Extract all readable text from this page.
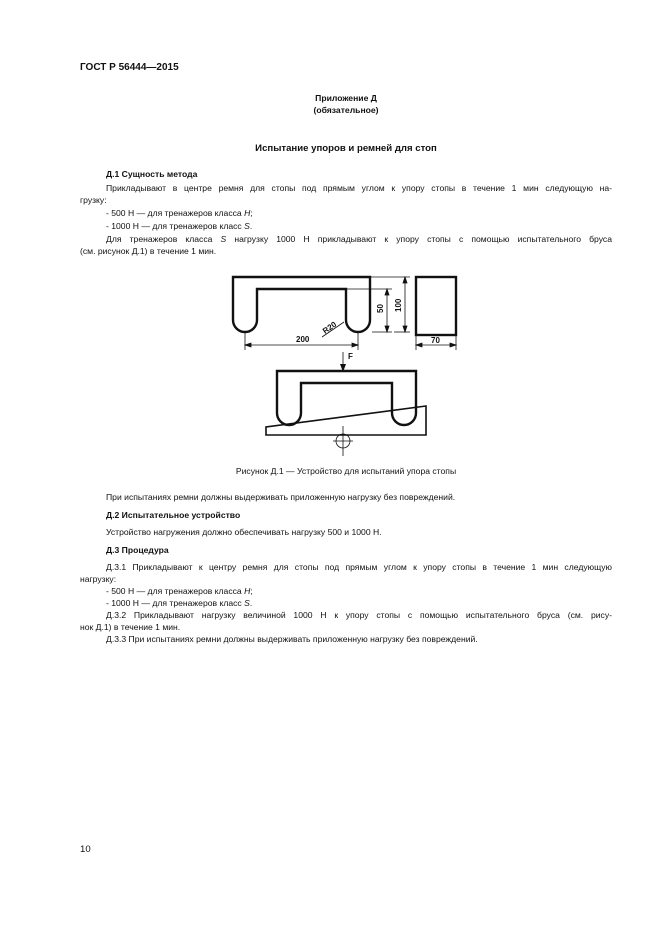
ГОСТ Р 56444—2015
Приложение Д
(обязательное)
Испытание упоров и ремней для стоп
Д.1 Сущность метода
Прикладывают в центре ремня для стопы под прямым углом к упору стопы в течение 1 мин следующую на-
грузку:
- 500 Н — для тренажеров класса H;
- 1000 Н — для тренажеров класс S.
Для тренажеров класса S нагрузку 1000 Н прикладывают к упору стопы с помощью испытательного бруса
(см. рисунок Д.1) в течение 1 мин.
200
R20
50 100
70
F
Рисунок Д.1 — Устройство для испытаний упора стопы
При испытаниях ремни должны выдерживать приложенную нагрузку без повреждений.
Д.2 Испытательное устройство
Устройство нагружения должно обеспечивать нагрузку 500 и 1000 Н.
Д.3 Процедура
Д.3.1 Прикладывают к центру ремня для стопы под прямым углом к упору стопы в течение 1 мин следующую
нагрузку:
- 500 Н — для тренажеров класса H;
- 1000 Н — для тренажеров класс S.
Д.3.2 Прикладывают нагрузку величиной 1000 Н к упору стопы с помощью испытательного бруса (см. рису-
нок Д.1) в течение 1 мин.
Д.3.3 При испытаниях ремни должны выдерживать приложенную нагрузку без повреждений.
10
